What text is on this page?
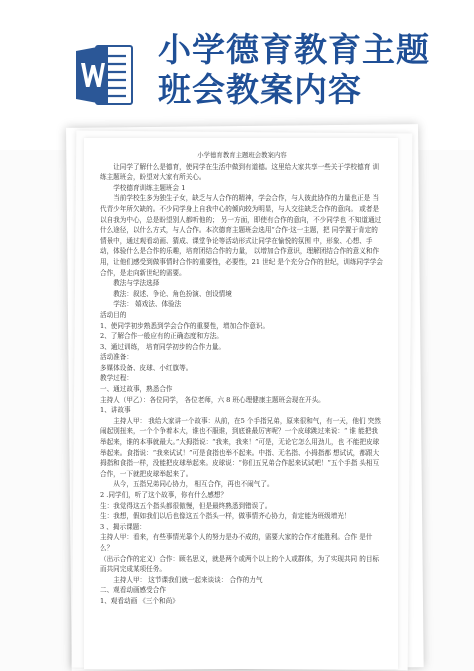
小学德育教育主题
班会教案内容
小学德育教育主题班会教案内容

让同学了解什么是德育，使同学在生活中做到有道德。这里给大家共享一些关于学校德育 训练主题班会，盼望对大家有所关心。

学校德育训练主题班会 1

当前学校生多为独生子女，缺乏与人合作的精神，学会合作，与人彼此协作的力量也正是 当代青少年所欠缺的。不少同学身上自我中心的倾向较为明显，与人交往缺乏合作的意向。 或者是以自我为中心，总是盼望别人都听他的； 另一方面，即使有合作的意向，不少同学也 不知道通过什么途径，以什么方式，与人合作。本次德育主题班会选用“合作·这一主题，把 同学置于肯定的情景中，通过观看动画、猜成、课堂争论等活动形式让同学在愉悦的氛围 中，形象、心想、手动，体验什么是合作的乐趣，培育团结合作的力量， 以增加合作意识，理解团结合作的意义和作用，让他们感受到做事情时合作的重要性，必要性，21 世纪 是个充分合作的世纪，训练同学学会合作，是走向新世纪的需要。

教法与学法选择

教法：叙述、争论、角色扮演、创设情境

学法： 嬉戏法、体验法

活动目的

1、使同学初步熟悉到学会合作的重要性，增加合作意识。

2、了解合作一般应有的正确态度和方法。

3、通过训练， 培育同学初步的合作力量。

活动准备：

多媒体设备、皮球、小红旗等。

教学过程：

一、通过故事，熟悉合作

主持人（甲乙）：各位同学， 各位老师，六 8 班心理健康主题班会现在开头。

1、讲故事

主持人甲： 我给大家讲一个故事：从前，在5 个手指兄弟，原来很和气，有一天，他们 突然闹起别扭来，一个个争着本大，谁也不服谁，到底谁最厉害呢？一个皮球跳过来说：“ 谁 能把我举起来，谁的本事就最大。”大拇指说：“我来，我来！”可是，无论它怎么用劲儿，也 不能把皮球举起来。食指说：“我来试试！”可是食指也举不起来。中指、无名指、小拇指都 想试试，都跟大拇指和食指一样，没能把皮球举起来。皮球说：“你们五兄弟合作起来试试吧！”五个手指 头相互合作，一下就把皮球举起来了。

从今，五指兄弟同心协力， 相互合作，再也不闹气了。

2 .同学们，听了这个故事，你有什么感想？

生：我觉得这五个指头都很傲慢，但是最终熟悉到错误了。

生：我想，假如我们以后也像这五个指头一样，做事情齐心协力，肯定能为班级增光！

3 、揭示课题：

主持人甲：看来，有些事情光靠个人的努力是办不成的，需要大家的合作才能胜利。合作 是什么？

（出示合作的定义）合作：顾名思义，就是两个或两个以上的个人或群体，为了实现共同 的目标而共同完成某项任务。

主持人甲： 这节课我们就一起来谈谈： 合作的力气

二、观看动画感受合作

1、观看动画 《三个和尚》
